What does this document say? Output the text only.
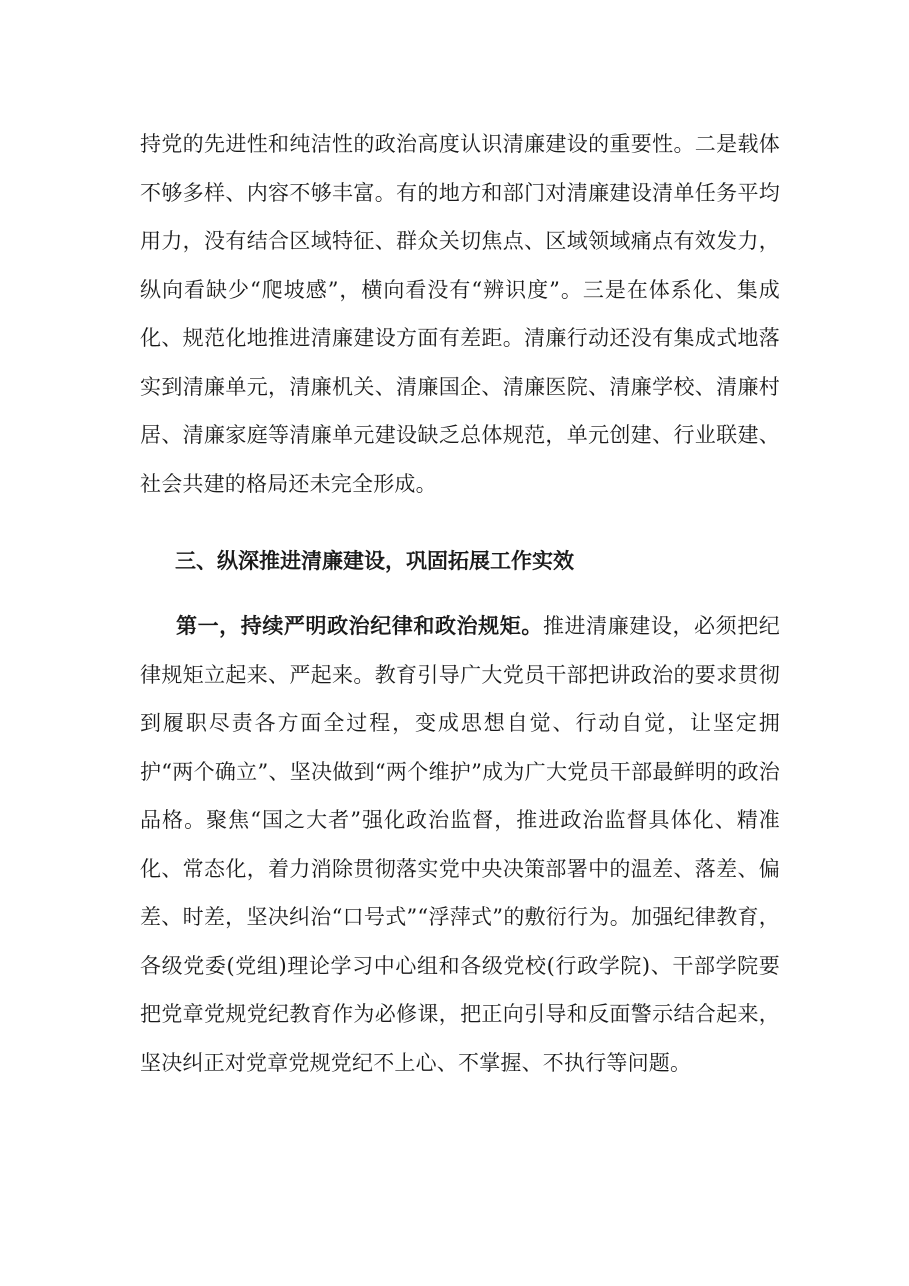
持党的先进性和纯洁性的政治高度认识清廉建设的重要性。二是载体不够多样、内容不够丰富。有的地方和部门对清廉建设清单任务平均用力，没有结合区域特征、群众关切焦点、区域领域痛点有效发力，纵向看缺少“爬坡感”，横向看没有“辨识度”。三是在体系化、集成化、规范化地推进清廉建设方面有差距。清廉行动还没有集成式地落实到清廉单元，清廉机关、清廉国企、清廉医院、清廉学校、清廉村居、清廉家庭等清廉单元建设缺乏总体规范，单元创建、行业联建、社会共建的格局还未完全形成。

三、纵深推进清廉建设，巩固拓展工作实效

第一，持续严明政治纪律和政治规矩。推进清廉建设，必须把纪律规矩立起来、严起来。教育引导广大党员干部把讲政治的要求贯彻到履职尽责各方面全过程，变成思想自觉、行动自觉，让坚定拥护“两个确立”、坚决做到“两个维护”成为广大党员干部最鲜明的政治品格。聚焦“国之大者”强化政治监督，推进政治监督具体化、精准化、常态化，着力消除贯彻落实党中央决策部署中的温差、落差、偏差、时差，坚决纠治“口号式”“浮萍式”的敷衍行为。加强纪律教育，各级党委(党组)理论学习中心组和各级党校(行政学院)、干部学院要把党章党规党纪教育作为必修课，把正向引导和反面警示结合起来，坚决纠正对党章党规党纪不上心、不掌握、不执行等问题。
